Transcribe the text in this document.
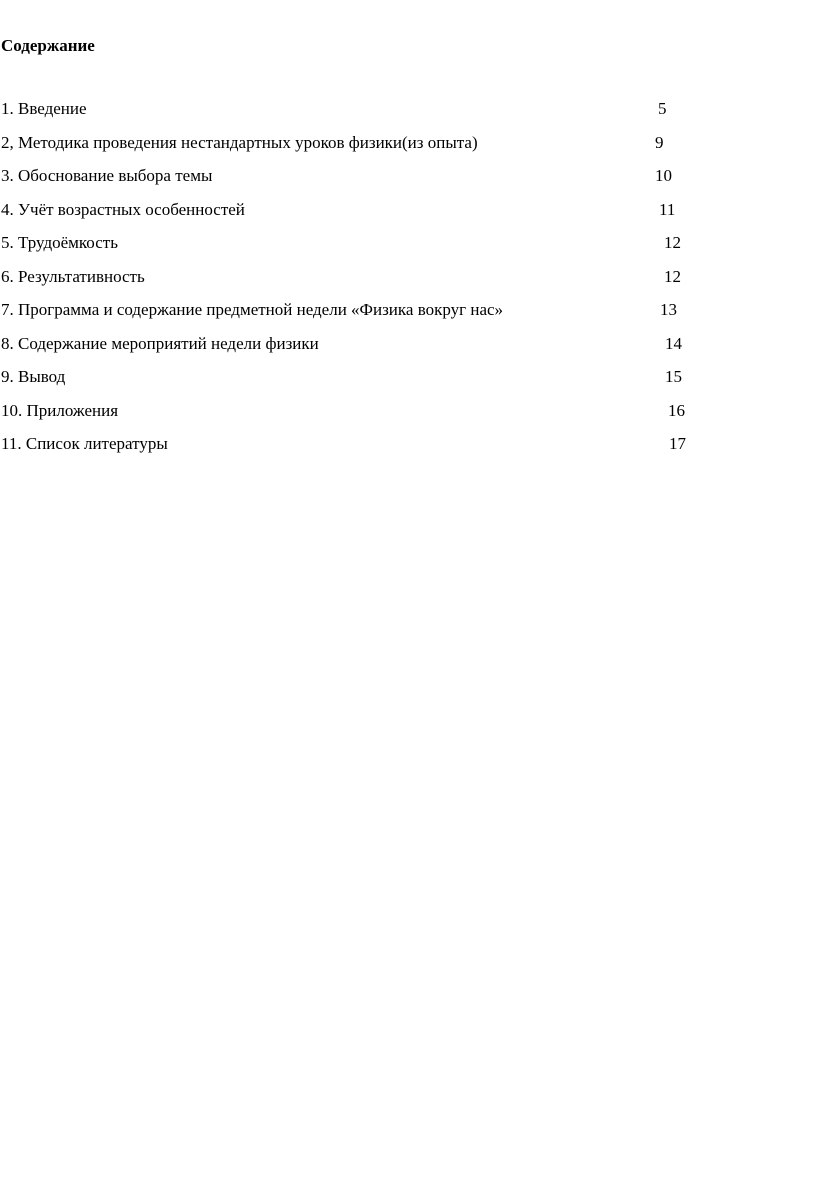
Содержание
1. Введение	5
2, Методика проведения нестандартных уроков физики(из опыта)	9
3. Обоснование выбора темы	10
4. Учёт возрастных особенностей	11
5. Трудоёмкость	12
6. Результативность	12
7. Программа и содержание предметной недели «Физика вокруг нас»	13
8. Содержание мероприятий недели физики	14
9. Вывод	15
10. Приложения	16
11. Список литературы	17
